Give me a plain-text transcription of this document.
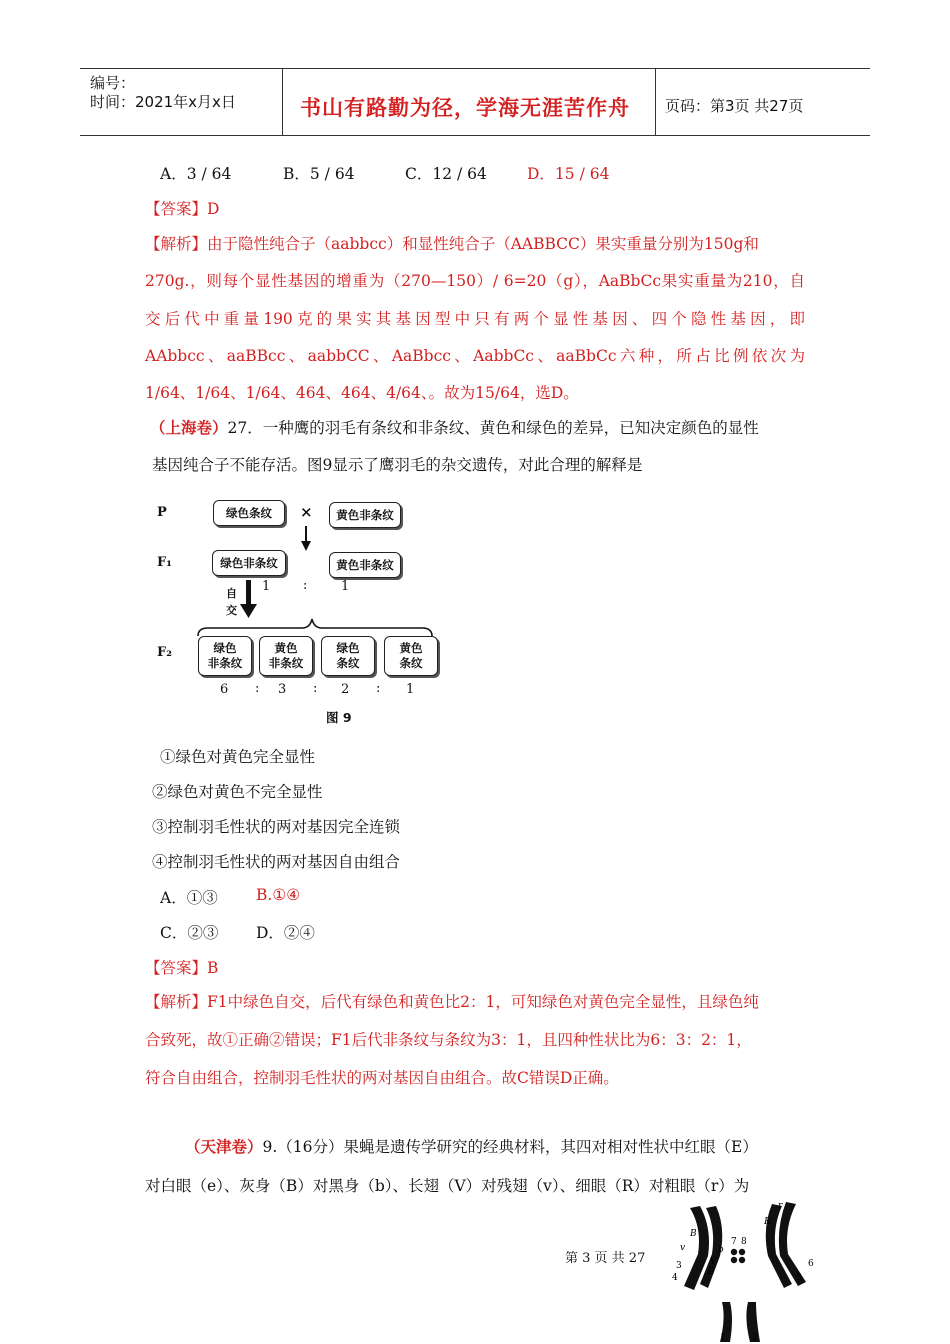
编号：
时间：2021年x月x日	书山有路勤为径，学海无涯苦作舟 页码：第3页 共27页
A．3 / 64	B．5 / 64	C．12 / 64	D．15 / 64
【答案】D
【解析】由于隐性纯合子（aabbcc）和显性纯合子（AABBCC）果实重量分别为150g和
270g.，则每个显性基因的增重为（270—150）/ 6=20（g），AaBbCc果实重量为210，自
交后代中重量190克的果实其基因型中只有两个显性基因、四个隐性基因，即
AAbbcc、aaBBcc、aabbCC、AaBbcc、AabbCc、aaBbCc六种，所占比例依次为
1/64、1/64、1/64、464、464、4/64、。故为15/64，选D。
（上海卷）27．一种鹰的羽毛有条纹和非条纹、黄色和绿色的差异，已知决定颜色的显性
基因纯合子不能存活。图9显示了鹰羽毛的杂交遗传，对此合理的解释是
P
F₁
F₂
绿色条纹	×	黄色非条纹
绿色非条纹	黄色非条纹
1	:	1
自
交
绿色
非条纹
黄色
非条纹
绿色
条纹
黄色
条纹
6 : 3 : 2 : 1
图 9
①绿色对黄色完全显性
②绿色对黄色不完全显性
③控制羽毛性状的两对基因完全连锁
④控制羽毛性状的两对基因自由组合
A．①③ B.①④
C．②③ D．②④
【答案】B
【解析】F1中绿色自交，后代有绿色和黄色比2：1，可知绿色对黄色完全显性，且绿色纯
合致死，故①正确②错误；F1后代非条纹与条纹为3：1，且四种性状比为6：3：2：1，
符合自由组合，控制羽毛性状的两对基因自由组合。故C错误D正确。
（天津卷）9.（16分）果蝇是遗传学研究的经典材料，其四对相对性状中红眼（E）
对白眼（e）、灰身（B）对黑身（b）、长翅（V）对残翅（v）、细眼（R）对粗眼（r）为
B
v	b
V
E
R
r
7 8
3
4	5
6
1	2
第 3 页 共 27
